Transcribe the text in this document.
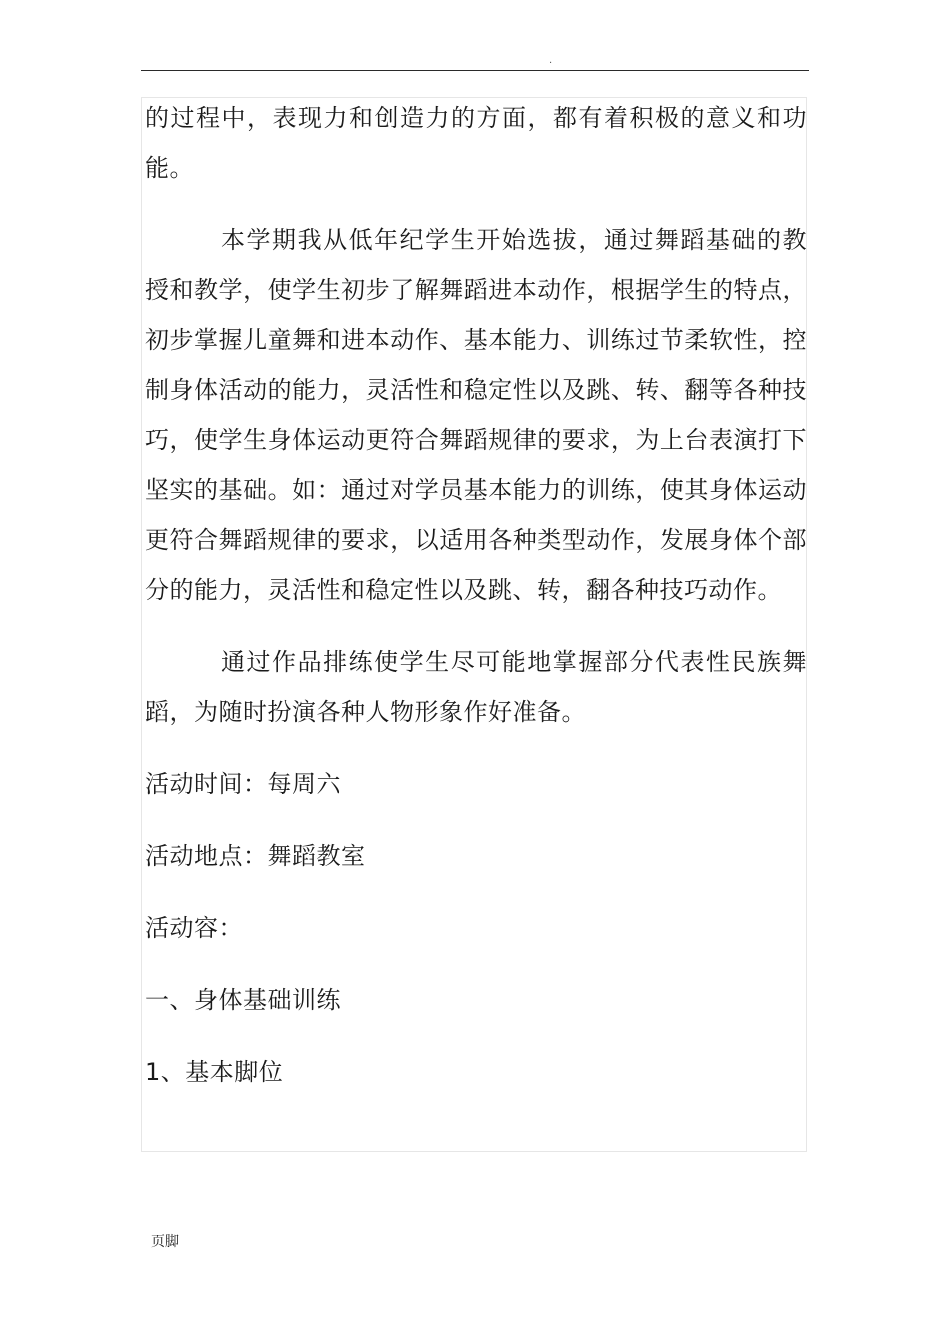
.

的过程中，表现力和创造力的方面，都有着积极的意义和功能。

本学期我从低年纪学生开始选拔，通过舞蹈基础的教授和教学，使学生初步了解舞蹈进本动作，根据学生的特点，初步掌握儿童舞和进本动作、基本能力、训练过节柔软性，控制身体活动的能力，灵活性和稳定性以及跳、转、翻等各种技巧，使学生身体运动更符合舞蹈规律的要求，为上台表演打下坚实的基础。如：通过对学员基本能力的训练，使其身体运动更符合舞蹈规律的要求，以适用各种类型动作，发展身体个部分的能力，灵活性和稳定性以及跳、转，翻各种技巧动作。

通过作品排练使学生尽可能地掌握部分代表性民族舞蹈，为随时扮演各种人物形象作好准备。

活动时间：每周六

活动地点：舞蹈教室

活动容：

一、身体基础训练

1、基本脚位

页脚
